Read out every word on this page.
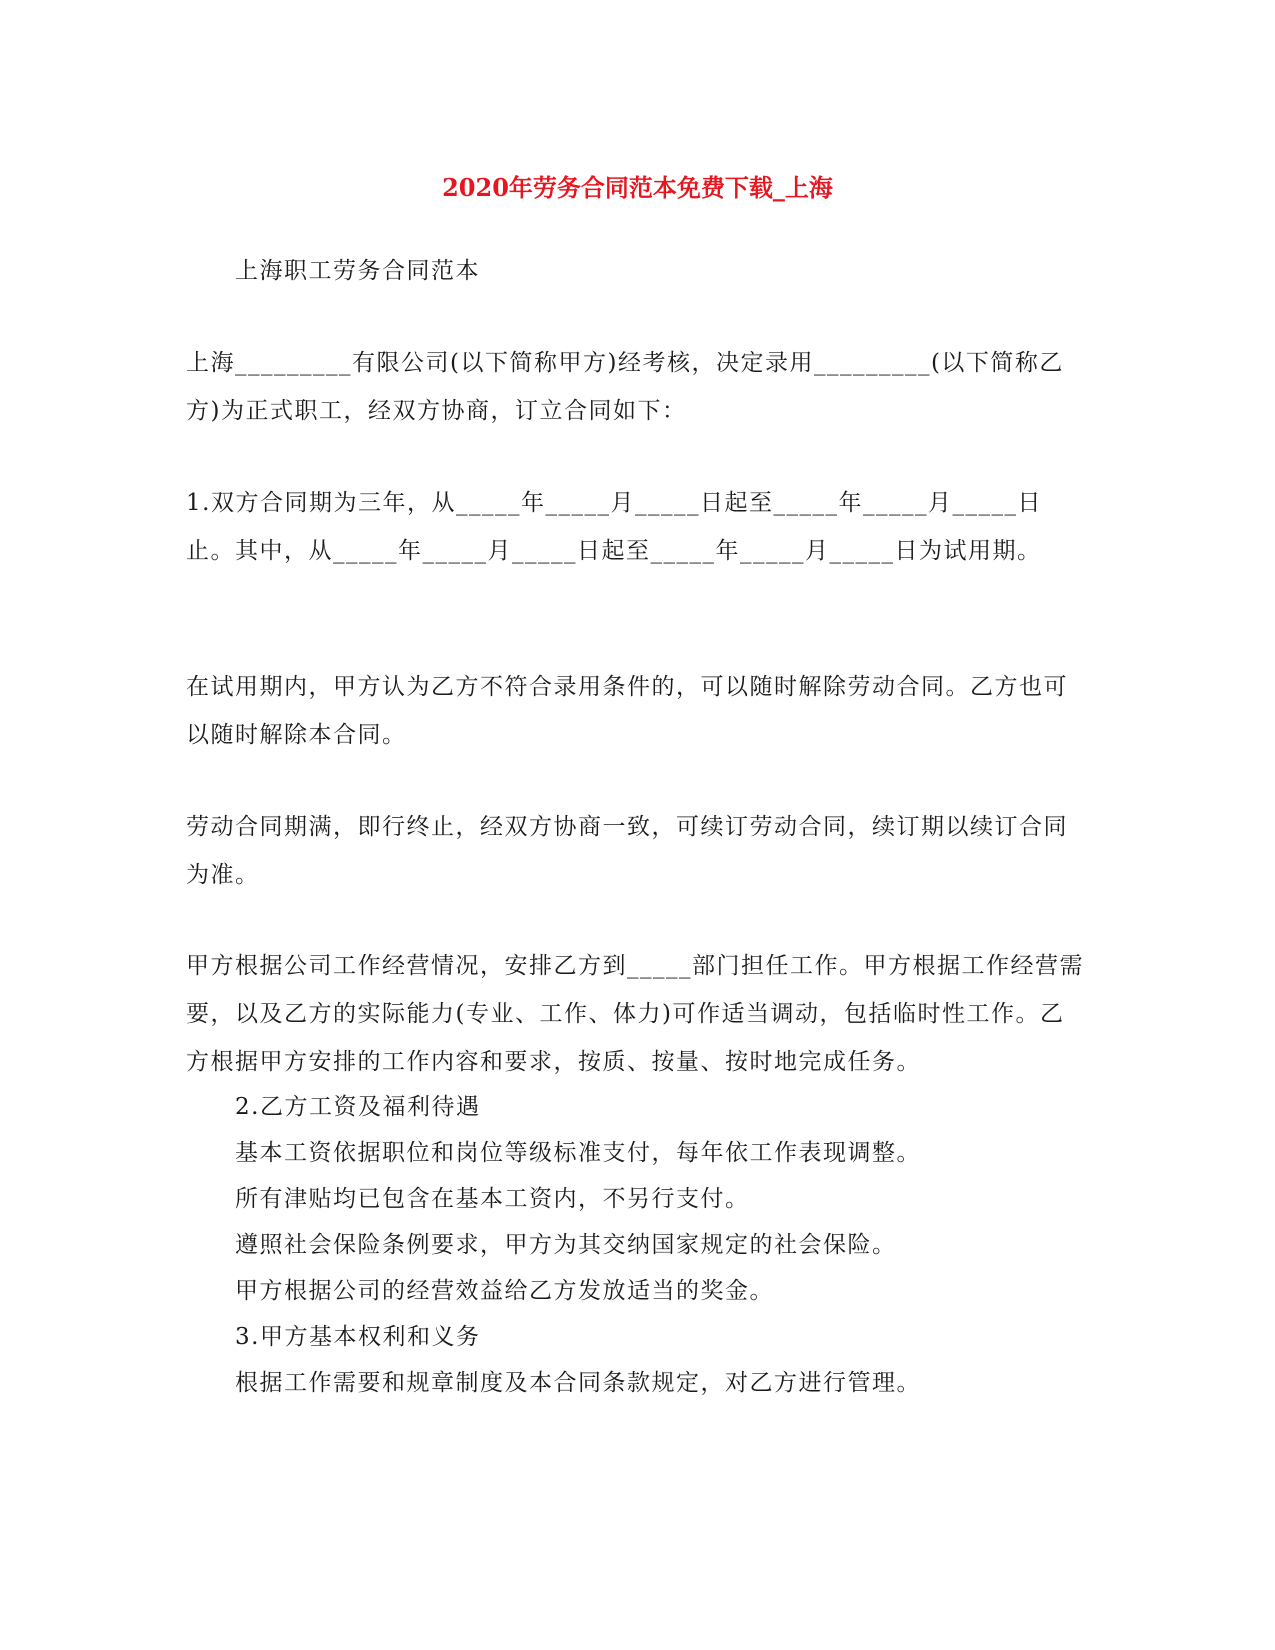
2020年劳务合同范本免费下载_上海
上海职工劳务合同范本
上海_________有限公司(以下简称甲方)经考核，决定录用_________(以下简称乙方)为正式职工，经双方协商，订立合同如下：
1.双方合同期为三年，从_____年_____月_____日起至_____年_____月_____日止。其中，从_____年_____月_____日起至_____年_____月_____日为试用期。
在试用期内，甲方认为乙方不符合录用条件的，可以随时解除劳动合同。乙方也可以随时解除本合同。
劳动合同期满，即行终止，经双方协商一致，可续订劳动合同，续订期以续订合同为准。
甲方根据公司工作经营情况，安排乙方到_____部门担任工作。甲方根据工作经营需要，以及乙方的实际能力(专业、工作、体力)可作适当调动，包括临时性工作。乙方根据甲方安排的工作内容和要求，按质、按量、按时地完成任务。
2.乙方工资及福利待遇
基本工资依据职位和岗位等级标准支付，每年依工作表现调整。
所有津贴均已包含在基本工资内，不另行支付。
遵照社会保险条例要求，甲方为其交纳国家规定的社会保险。
甲方根据公司的经营效益给乙方发放适当的奖金。
3.甲方基本权利和义务
根据工作需要和规章制度及本合同条款规定，对乙方进行管理。
